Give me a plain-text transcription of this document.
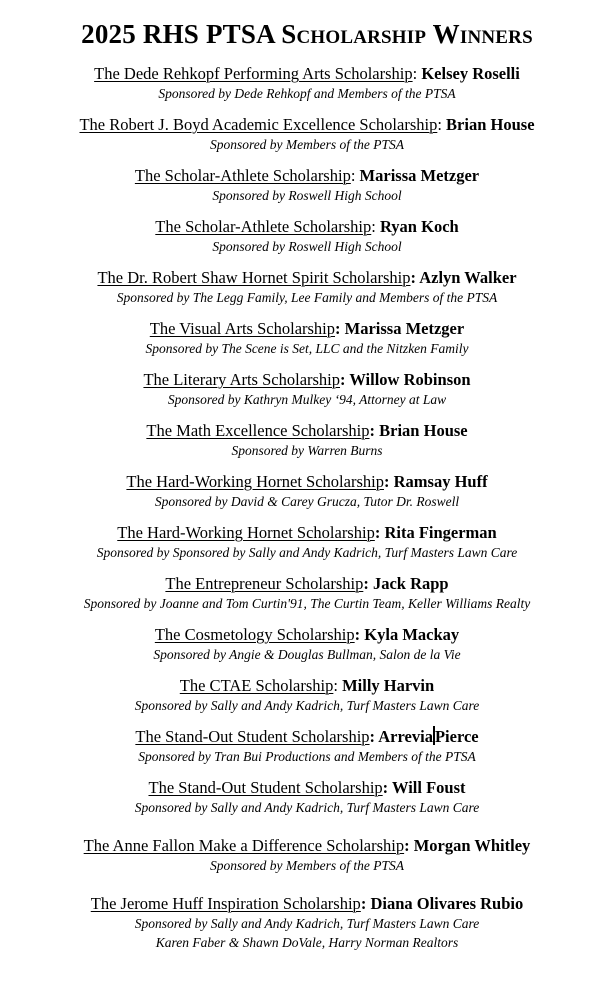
2025 RHS PTSA Scholarship Winners

The Dede Rehkopf Performing Arts Scholarship: Kelsey Roselli

Sponsored by Dede Rehkopf and Members of the PTSA

The Robert J. Boyd Academic Excellence Scholarship: Brian House

Sponsored by Members of the PTSA

The Scholar-Athlete Scholarship: Marissa Metzger

Sponsored by Roswell High School

The Scholar-Athlete Scholarship: Ryan Koch

Sponsored by Roswell High School

The Dr. Robert Shaw Hornet Spirit Scholarship: Azlyn Walker

Sponsored by The Legg Family, Lee Family and Members of the PTSA

The Visual Arts Scholarship: Marissa Metzger

Sponsored by The Scene is Set, LLC and the Nitzken Family

The Literary Arts Scholarship: Willow Robinson

Sponsored by Kathryn Mulkey ‘94, Attorney at Law

The Math Excellence Scholarship: Brian House

Sponsored by Warren Burns

The Hard-Working Hornet Scholarship: Ramsay Huff

Sponsored by David & Carey Grucza, Tutor Dr. Roswell

The Hard-Working Hornet Scholarship: Rita Fingerman

Sponsored by Sponsored by Sally and Andy Kadrich, Turf Masters Lawn Care

The Entrepreneur Scholarship: Jack Rapp

Sponsored by Joanne and Tom Curtin'91, The Curtin Team, Keller Williams Realty

The Cosmetology Scholarship: Kyla Mackay

Sponsored by Angie & Douglas Bullman, Salon de la Vie

The CTAE Scholarship: Milly Harvin

Sponsored by Sally and Andy Kadrich, Turf Masters Lawn Care

The Stand-Out Student Scholarship: Arrevia Pierce

Sponsored by Tran Bui Productions and Members of the PTSA

The Stand-Out Student Scholarship: Will Foust

Sponsored by Sally and Andy Kadrich, Turf Masters Lawn Care

The Anne Fallon Make a Difference Scholarship: Morgan Whitley

Sponsored by Members of the PTSA

The Jerome Huff Inspiration Scholarship: Diana Olivares Rubio

Sponsored by Sally and Andy Kadrich, Turf Masters Lawn Care

Karen Faber & Shawn DoVale, Harry Norman Realtors
